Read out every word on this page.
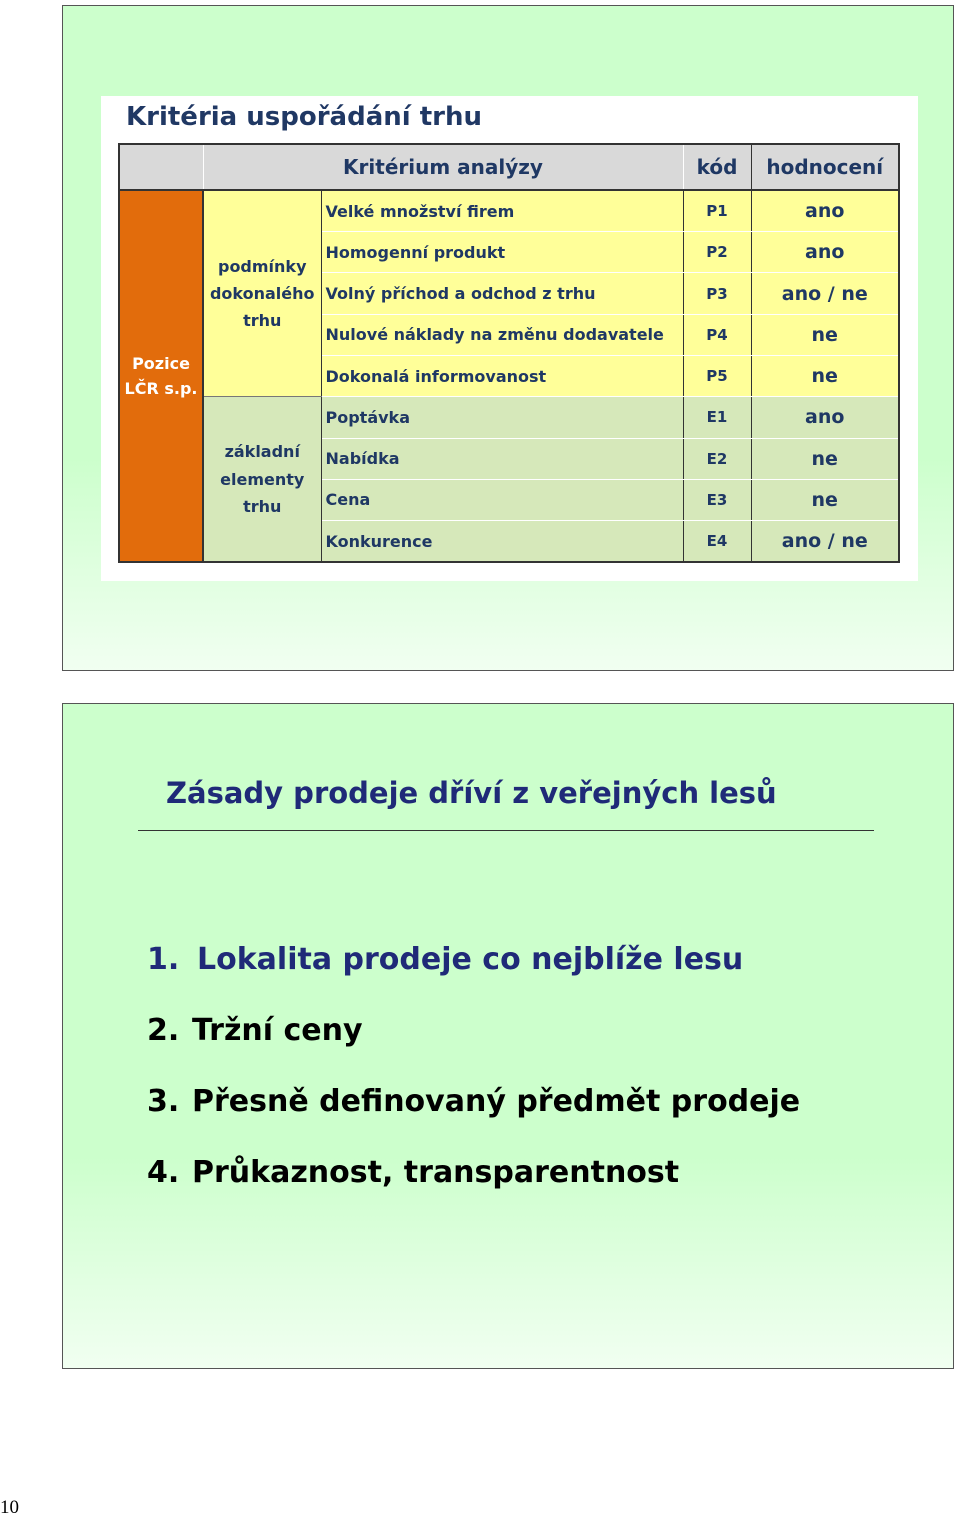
Kritéria uspořádání trhu
	Kritérium analýzy		kód	hodnocení
Pozice
LČR s.p.	podmínky
dokonalého
trhu	Velké množství firem	P1	ano
		Homogenní produkt	P2	ano
		Volný příchod a odchod z trhu	P3	ano / ne
		Nulové náklady na změnu dodavatele	P4	ne
		Dokonalá informovanost	P5	ne
	základní
elementy
trhu	Poptávka	E1	ano
		Nabídka	E2	ne
		Cena	E3	ne
		Konkurence	E4	ano / ne
Zásady prodeje dříví z veřejných lesů
1. Lokalita prodeje co nejblíže lesu
2. Tržní ceny
3. Přesně definovaný předmět prodeje
4. Průkaznost, transparentnost
10
